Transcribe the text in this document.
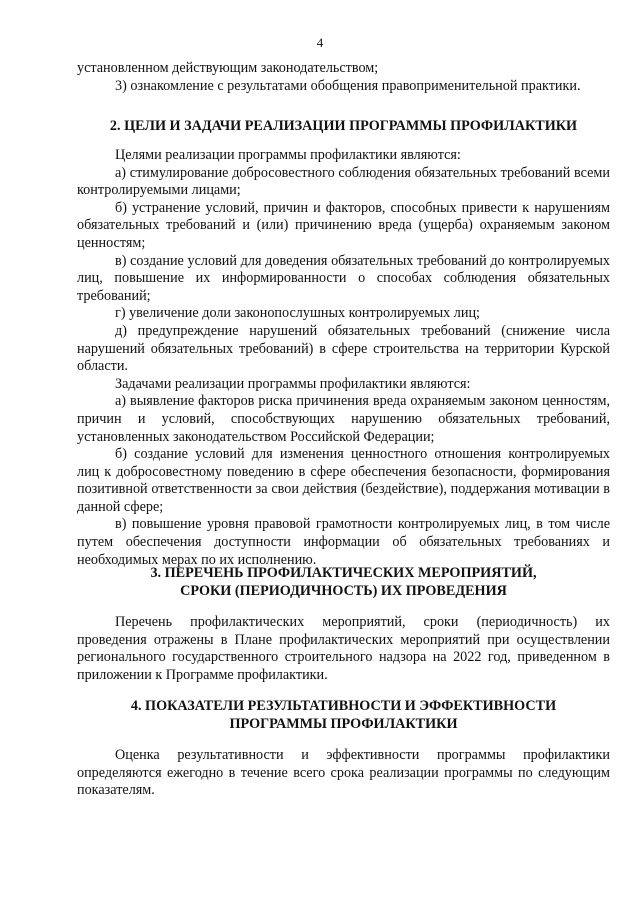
4

установленном действующим законодательством;

3) ознакомление с результатами обобщения правоприменительной практики.

2. ЦЕЛИ И ЗАДАЧИ РЕАЛИЗАЦИИ ПРОГРАММЫ ПРОФИЛАКТИКИ

Целями реализации программы профилактики являются:

а) стимулирование добросовестного соблюдения обязательных требований всеми контролируемыми лицами;

б) устранение условий, причин и факторов, способных привести к нарушениям обязательных требований и (или) причинению вреда (ущерба) охраняемым законом ценностям;

в) создание условий для доведения обязательных требований до контролируемых лиц, повышение их информированности о способах соблюдения обязательных требований;

г) увеличение доли законопослушных контролируемых лиц;

д) предупреждение нарушений обязательных требований (снижение числа нарушений обязательных требований) в сфере строительства на территории Курской области.

Задачами реализации программы профилактики являются:

а) выявление факторов риска причинения вреда охраняемым законом ценностям, причин и условий, способствующих нарушению обязательных требований, установленных законодательством Российской Федерации;

б) создание условий для изменения ценностного отношения контролируемых лиц к добросовестному поведению в сфере обеспечения безопасности, формирования позитивной ответственности за свои действия (бездействие), поддержания мотивации в данной сфере;

в) повышение уровня правовой грамотности контролируемых лиц, в том числе путем обеспечения доступности информации об обязательных требованиях и необходимых мерах по их исполнению.

3. ПЕРЕЧЕНЬ ПРОФИЛАКТИЧЕСКИХ МЕРОПРИЯТИЙ,

СРОКИ (ПЕРИОДИЧНОСТЬ) ИХ ПРОВЕДЕНИЯ

Перечень профилактических мероприятий, сроки (периодичность) их проведения отражены в Плане профилактических мероприятий при осуществлении регионального государственного строительного надзора на 2022 год, приведенном в приложении к Программе профилактики.

4. ПОКАЗАТЕЛИ РЕЗУЛЬТАТИВНОСТИ И ЭФФЕКТИВНОСТИ

ПРОГРАММЫ ПРОФИЛАКТИКИ

Оценка результативности и эффективности программы профилактики определяются ежегодно в течение всего срока реализации программы по следующим показателям.
